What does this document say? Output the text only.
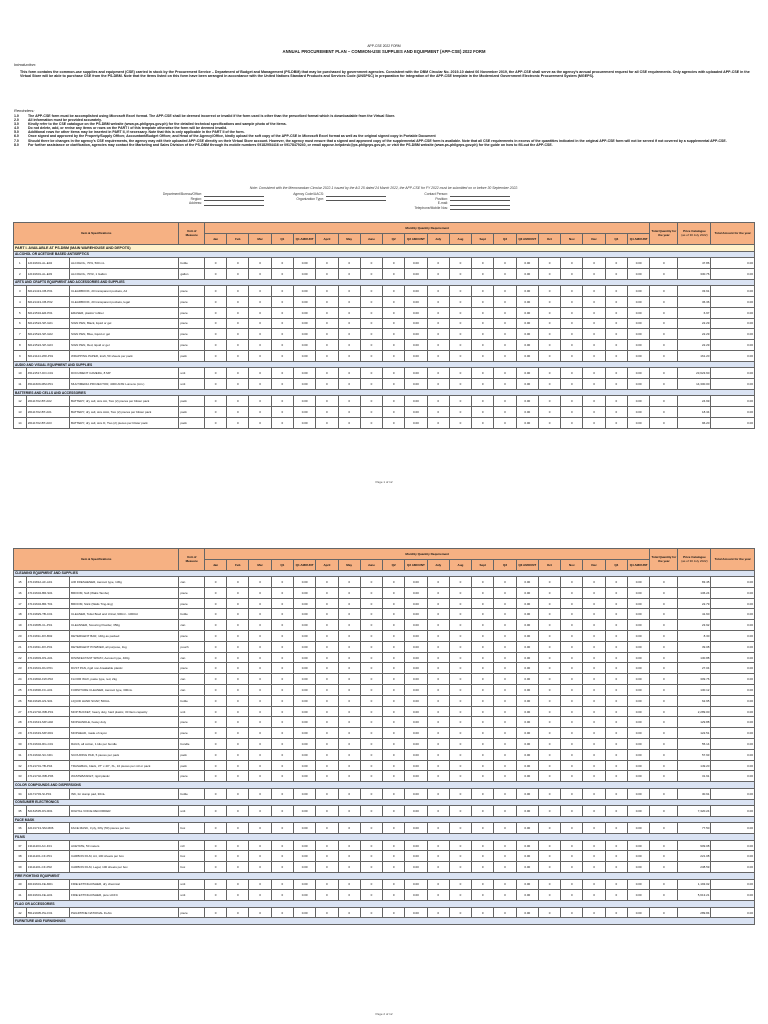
APP-CSE 2022 FORM
ANNUAL PROCUREMENT PLAN – COMMON-USE SUPPLIES AND EQUIPMENT (APP-CSE) 2022 FORM
Introduction:
This form contains the common-use supplies and equipment (CSE) carried in stock by the Procurement Service – Department of Budget and Management (PS-DBM) that may be purchased by government agencies. Consistent with the DBM Circular No. 2019-10 dated 06 November 2019, the APP-CSE shall serve as the agency's annual procurement request for all CSE requirements. Only agencies with uploaded APP-CSE in the Virtual Store will be able to purchase CSE from the PS-DBM. Note that the items listed on this form have been arranged in accordance with the United Nations Standard Products and Services Code (UNSPSC) in preparation for integration of the APP-CSE template in the Modernized Government Electronic Procurement System (MGEPS).
Reminders:
1.0	The APP-CSE form must be accomplished using Microsoft Excel format. The APP-CSE shall be deemed incorrect or invalid if the form used is other than the prescribed format which is downloadable from the Virtual Store.
2.0	All information must be provided accurately.
3.0	Kindly refer to the CSE catalogue on the PS-DBM website (www.ps-philgeps.gov.ph) for the detailed technical specifications and sample photo of the items.
4.0	Do not delete, add, or revise any items or rows on the PART I of this template otherwise the form will be deemed invalid.
5.0	Additional rows for other items may be inserted in PART II, if necessary. Note that this is only applicable in the PART II of the form.
6.0	Once signed and approved by the Property/Supply Officer, Accountant/Budget Officer, and Head of the Agency/Office, kindly upload the soft copy of the APP-CSE in Microsoft Excel format as well as the original signed copy in Portable Document
7.0	Should there be changes in the agency's CSE requirements, the agency may edit their uploaded APP-CSE directly on their Virtual Store account. However, the agency must ensure that a signed and approved copy of the supplemental APP-CSE form is available. Note that all CSE requirements in excess of the quantities indicated in the original APP-CSE form will not be served if not covered by a supplemental APP-CSE.
8.0	For further assistance or clarification, agencies may contact the Marketing and Sales Division of the PS-DBM through its mobile numbers 09182954416 or 09178479240, or email appcse.helpdesk@ps-philgeps.gov.ph, or visit the PS-DBM website (www.ps-philgeps.gov.ph) for the guide on how to fill-out the APP-CSE.
Note: Consistent with the Memorandum Circular 2022-1 issued by the AO 25 dated 24 March 2022, the APP-CSE for FY 2022 must be submitted on or before 30 September 2022.
Department/Bureau/Office:
Region:
Address:
Agency Code/UACS:
Organization Type:
Contact Person:
Position:
E-mail:
Telephone/Mobile Nos:
Item & Specifications			Unit of Measure	Monthly Quantity Requirement																				Total Quantity for the year	Price Catalogue
(as of 30 July 2022)	Total Amount for the year
				Jan	Feb	Mar	Q1	Q1 AMOUNT	April	May	June	Q2	Q2 AMOUNT	July	Aug	Sept	Q3	Q3 AMOUNT	Oct	Nov	Dec	Q4	Q4 AMOUNT			
PART I. AVAILABLE AT PS-DBM (MAIN WAREHOUSE AND DEPOTS)																										
ALCOHOL OR ACETONE BASED ANTISEPTICS																										
1	12191601-AL-E04	ALCOHOL, 70%, 500 mL	bottle	0	0	0	0	0.00	0	0	0	0	0.00	0	0	0	0	0.00	0	0	0	0	0.00	0	47.86	0.00
2	12191601-AL-E03	ALCOHOL, 70%/, 1 Gallon	gallon	0	0	0	0	0.00	0	0	0	0	0.00	0	0	0	0	0.00	0	0	0	0	0.00	0	330.76	0.00
ARTS AND CRAFTS EQUIPMENT AND ACCESSORIES AND SUPPLIES																										
3	60121413-CB-P01	CLEARBOOK, 20 transparent pockets, A4	piece	0	0	0	0	0.00	0	0	0	0	0.00	0	0	0	0	0.00	0	0	0	0	0.00	0	33.91	0.00
4	60121413-CB-P02	CLEARBOOK, 20 transparent pockets, legal	piece	0	0	0	0	0.00	0	0	0	0	0.00	0	0	0	0	0.00	0	0	0	0	0.00	0	36.36	0.00
5	60121534-ER-P01	ERASER, plastic/ rubber	piece	0	0	0	0	0.00	0	0	0	0	0.00	0	0	0	0	0.00	0	0	0	0	0.00	0	6.97	0.00
6	60121524-SP-G01	SIGN PEN, Black, liquid or gel	piece	0	0	0	0	0.00	0	0	0	0	0.00	0	0	0	0	0.00	0	0	0	0	0.00	0	22.29	0.00
7	60121524-SP-G02	SIGN PEN, Blue, liquid or gel	piece	0	0	0	0	0.00	0	0	0	0	0.00	0	0	0	0	0.00	0	0	0	0	0.00	0	22.29	0.00
8	60121524-SP-G03	SIGN PEN, Red, liquid or gel	piece	0	0	0	0	0.00	0	0	0	0	0.00	0	0	0	0	0.00	0	0	0	0	0.00	0	22.29	0.00
9	60121124-WR-P01	WRAPPING PAPER, kraft, 50 sheets per pack	pack	0	0	0	0	0.00	0	0	0	0	0.00	0	0	0	0	0.00	0	0	0	0	0.00	0	161.20	0.00
AUDIO AND VISUAL EQUIPMENT AND SUPPLIES																										
10	45121517-DO-C01	DOCUMENT CAMERA, 8 MP	unit	0	0	0	0	0.00	0	0	0	0	0.00	0	0	0	0	0.00	0	0	0	0	0.00	0	23,623.60	0.00
11	45111609-MM-P01	MULTIMEDIA PROJECTOR, 4000 ANSI Lumens (min.)	unit	0	0	0	0	0.00	0	0	0	0	0.00	0	0	0	0	0.00	0	0	0	0	0.00	0	14,300.00	0.00
BATTERIES AND CELLS AND ACCESSORIES																										
12	26111702-BT-A02	BATTERY, dry cell, size AA, Two (2) pieces per blister pack	pack	0	0	0	0	0.00	0	0	0	0	0.00	0	0	0	0	0.00	0	0	0	0	0.00	0	24.99	0.00
13	26111702-BT-A01	BATTERY, dry cell, size AAA, Two (2) pieces per blister pack	pack	0	0	0	0	0.00	0	0	0	0	0.00	0	0	0	0	0.00	0	0	0	0	0.00	0	18.34	0.00
14	26111702-BT-A03	BATTERY, dry cell, size D, Two (2) pieces per blister pack	pack	0	0	0	0	0.00	0	0	0	0	0.00	0	0	0	0	0.00	0	0	0	0	0.00	0	96.20	0.00
Page 1 of 12
Item & Specifications			Unit of Measure	Monthly Quantity Requirement																				Total Quantity for the year	Price Catalogue
(as of 30 July 2022)	Total Amount for the year
				Jan	Feb	Mar	Q1	Q1 AMOUNT	April	May	June	Q2	Q2 AMOUNT	July	Aug	Sept	Q3	Q3 AMOUNT	Oct	Nov	Dec	Q4	Q4 AMOUNT			
CLEANING EQUIPMENT AND SUPPLIES																										
15	47131812-AF-A01	AIR FRESHENER, Aerosol type, 130g	can	0	0	0	0	0.00	0	0	0	0	0.00	0	0	0	0	0.00	0	0	0	0	0.00	0	83.45	0.00
16	47131604-BR-S01	BROOM, Soft (Walis Tambo)	piece	0	0	0	0	0.00	0	0	0	0	0.00	0	0	0	0	0.00	0	0	0	0	0.00	0	136.24	0.00
17	47131604-BR-T01	BROOM, Stick (Walis Ting-ting)	piece	0	0	0	0	0.00	0	0	0	0	0.00	0	0	0	0	0.00	0	0	0	0	0.00	0	22.79	0.00
18	47131829-TB-C01	CLEANER, Toilet Bowl and Urinal, 900ml - 1000ml	bottle	0	0	0	0	0.00	0	0	0	0	0.00	0	0	0	0	0.00	0	0	0	0	0.00	0	41.60	0.00
19	47131805-CL-P01	CLEANSER, Scouring Powder, 350g	can	0	0	0	0	0.00	0	0	0	0	0.00	0	0	0	0	0.00	0	0	0	0	0.00	0	23.92	0.00
20	47131811-DX-B02	DETERGENT BAR, 140g as packed	piece	0	0	0	0	0.00	0	0	0	0	0.00	0	0	0	0	0.00	0	0	0	0	0.00	0	8.30	0.00
21	47131811-DX-P01	DETERGENT POWDER, all purpose, 1kg	pouch	0	0	0	0	0.00	0	0	0	0	0.00	0	0	0	0	0.00	0	0	0	0	0.00	0	39.08	0.00
22	47131803-DS-A01	DISINFECTANT SPRAY, Aerosol type, 400g	can	0	0	0	0	0.00	0	0	0	0	0.00	0	0	0	0	0.00	0	0	0	0	0.00	0	130.88	0.00
23	47131601-DU-P01	DUST PAN, rigid non-breakable plastic	piece	0	0	0	0	0.00	0	0	0	0	0.00	0	0	0	0	0.00	0	0	0	0	0.00	0	27.04	0.00
24	47131802-FW-P02	FLOOR WAX, paste type, red, 2kg	can	0	0	0	0	0.00	0	0	0	0	0.00	0	0	0	0	0.00	0	0	0	0	0.00	0	309.76	0.00
25	47131830-FC-A01	FURNITURE CLEANER, Aerosol type, 300mL	can	0	0	0	0	0.00	0	0	0	0	0.00	0	0	0	0	0.00	0	0	0	0	0.00	0	130.12	0.00
26	53131626-HS-S01	LIQUID HAND SOAP, 500mL	bottle	0	0	0	0	0.00	0	0	0	0	0.00	0	0	0	0	0.00	0	0	0	0	0.00	0	62.95	0.00
27	47121702-WB-P01	MOP BUCKET, heavy duty, hard plastic, 30 liters capacity	unit	0	0	0	0	0.00	0	0	0	0	0.00	0	0	0	0	0.00	0	0	0	0	0.00	0	2,289.00	0.00
28	47131613-MP-H02	MOPHANDLE, heavy duty	piece	0	0	0	0	0.00	0	0	0	0	0.00	0	0	0	0	0.00	0	0	0	0	0.00	0	129.88	0.00
29	47131619-MP-R01	MOPHEAD, made of rayon	piece	0	0	0	0	0.00	0	0	0	0	0.00	0	0	0	0	0.00	0	0	0	0	0.00	0	122.51	0.00
30	47131604-RG-C01	RAGS, all cotton, 1 kilo per bundle	bundle	0	0	0	0	0.00	0	0	0	0	0.00	0	0	0	0	0.00	0	0	0	0	0.00	0	55.14	0.00
31	47131602-SC-N01	SCOURING PAD, 5 pieces per pack	pack	0	0	0	0	0.00	0	0	0	0	0.00	0	0	0	0	0.00	0	0	0	0	0.00	0	57.93	0.00
32	47121701-TB-P04	TRASHBAG, black, 37" x 40", XL, 10 pieces per roll or pack	pack	0	0	0	0	0.00	0	0	0	0	0.00	0	0	0	0	0.00	0	0	0	0	0.00	0	149.20	0.00
33	47121702-WB-P06	WASTEBASKET, rigid plastic	piece	0	0	0	0	0.00	0	0	0	0	0.00	0	0	0	0	0.00	0	0	0	0	0.00	0	31.91	0.00
COLOR COMPOUNDS AND DISPERSIONS																										
34	12171703-SI-P01	INK, for stamp pad, 30mL	bottle	0	0	0	0	0.00	0	0	0	0	0.00	0	0	0	0	0.00	0	0	0	0	0.00	0	30.91	0.00
CONSUMER ELECTRONICS																										
35	52161535-DV-R01	DIGITAL VOICE RECORDER	unit	0	0	0	0	0.00	0	0	0	0	0.00	0	0	0	0	0.00	0	0	0	0	0.00	0	7,320.24	0.00
FACE MASK																										
36	42131713-SM-M06	FACE MASK, 3 ply, Fifty (50) pieces per box	box	0	0	0	0	0.00	0	0	0	0	0.00	0	0	0	0	0.00	0	0	0	0	0.00	0	77.50	0.00
FILMS																										
37	13111203-AC-F01	ACETATE, 50 meters	roll	0	0	0	0	0.00	0	0	0	0	0.00	0	0	0	0	0.00	0	0	0	0	0.00	0	909.08	0.00
38	13111201-CF-P01	CARBON FILM, A4, 100 sheets per box	box	0	0	0	0	0.00	0	0	0	0	0.00	0	0	0	0	0.00	0	0	0	0	0.00	0	221.08	0.00
39	13111201-CF-P02	CARBON FILM, Legal, 100 sheets per box	box	0	0	0	0	0.00	0	0	0	0	0.00	0	0	0	0	0.00	0	0	0	0	0.00	0	238.59	0.00
FIRE FIGHTING EQUIPMENT																										
40	46191601-FE-M01	FIRE EXTINGUISHER, dry chemical	unit	0	0	0	0	0.00	0	0	0	0	0.00	0	0	0	0	0.00	0	0	0	0	0.00	0	1,193.02	0.00
41	46191601-FE-H01	FIRE EXTINGUISHER, pure HCFC	unit	0	0	0	0	0.00	0	0	0	0	0.00	0	0	0	0	0.00	0	0	0	0	0.00	0	5,613.21	0.00
FLAG OR ACCESSORIES																										
42	55121905-PH-F01	PHILIPPINE NATIONAL FLAG	piece	0	0	0	0	0.00	0	0	0	0	0.00	0	0	0	0	0.00	0	0	0	0	0.00	0	289.84	0.00
FURNITURE AND FURNISHINGS																										
Page 2 of 12
